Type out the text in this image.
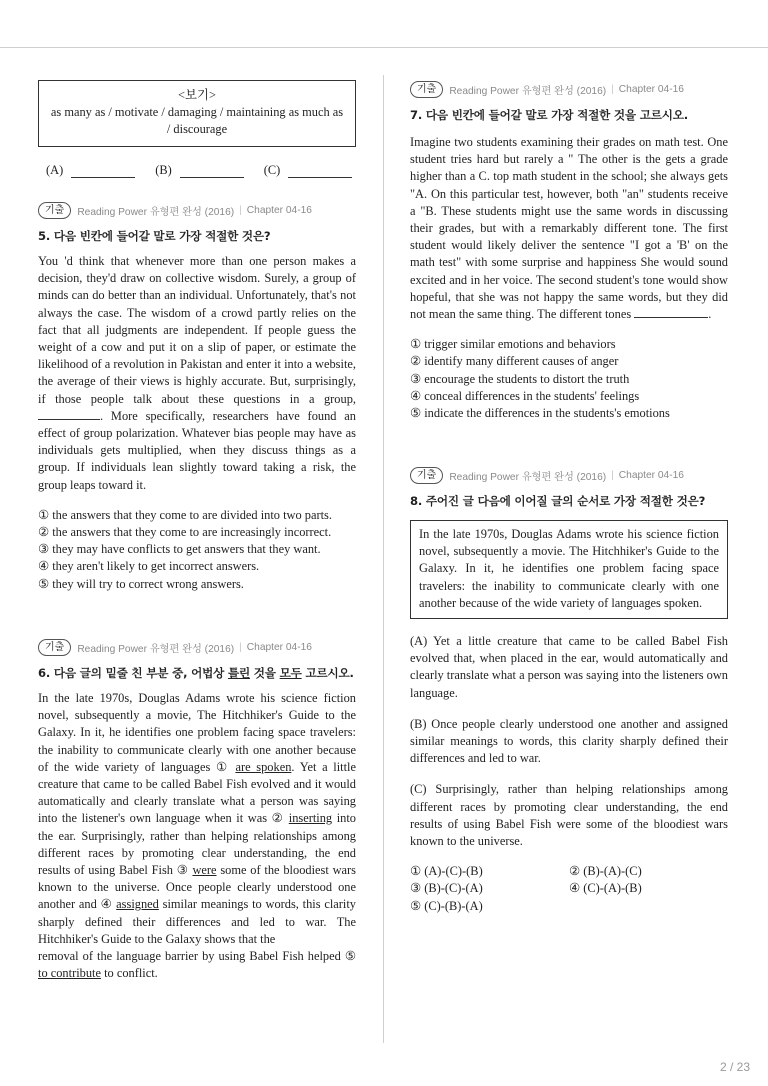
<보기>
as many as / motivate / damaging / maintaining as much as / discourage
(A)	(B)	(C)
기출	Reading Power 유형편 완성 (2016) | Chapter 04-16
5. 다음 빈칸에 들어갈 말로 가장 적절한 것은?

You 'd think that whenever more than one person makes a decision, they'd draw on collective wisdom. Surely, a group of minds can do better than an individual. Unfortunately, that's not always the case. The wisdom of a crowd partly relies on the fact that all judgments are independent. If people guess the weight of a cow and put it on a slip of paper, or estimate the likelihood of a revolution in Pakistan and enter it into a website, the average of their views is highly accurate. But, surprisingly, if those people talk about these questions in a group, . More specifically, researchers have found an effect of group polarization. Whatever bias people may have as individuals gets multiplied, when they discuss things as a group. If individuals lean slightly toward taking a risk, the group leaps toward it.

① the answers that they come to are divided into two parts.
② the answers that they come to are increasingly incorrect.
③ they may have conflicts to get answers that they want.
④ they aren't likely to get incorrect answers.
⑤ they will try to correct wrong answers.
기출	Reading Power 유형편 완성 (2016) | Chapter 04-16
6. 다음 글의 밑줄 친 부분 중, 어법상 틀린 것을 모두 고르시오.

In the late 1970s, Douglas Adams wrote his science fiction novel, subsequently a movie, The Hitchhiker's Guide to the Galaxy. In it, he identifies one problem facing space travelers: the inability to communicate clearly with one another because of the wide variety of languages ① are spoken. Yet a little creature that came to be called Babel Fish evolved and it would automatically and clearly translate what a person was saying into the listener's own language when it was ② inserting into the ear. Surprisingly, rather than helping relationships among different races by promoting clear understanding, the end results of using Babel Fish ③ were some of the bloodiest wars known to the universe. Once people clearly understood one another and ④ assigned similar meanings to words, this clarity sharply defined their differences and led to war. The Hitchhiker's Guide to the Galaxy shows that the
removal of the language barrier by using Babel Fish helped ⑤ to contribute to conflict.

기출	Reading Power 유형편 완성 (2016) | Chapter 04-16
7. 다음 빈칸에 들어갈 말로 가장 적절한 것을 고르시오.

Imagine two students examining their grades on math test. One student tries hard but rarely a " The other is the gets a grade higher than a C. top math student in the school; she always gets "A. On this particular test, however, both "an" students receive a "B. These students might use the same words in discussing their grades, but with a remarkably different tone. The first student would likely deliver the sentence "I got a 'B' on the math test" with some surprise and happiness She would sound excited and in her voice. The second student's tone would show hopeful, that she was not happy the same words, but they did not mean the same thing. The different tones	.

① trigger similar emotions and behaviors
② identify many different causes of anger
③ encourage the students to distort the truth
④ conceal differences in the students' feelings
⑤ indicate the differences in the students's emotions
기출	Reading Power 유형편 완성 (2016) | Chapter 04-16
8. 주어진 글 다음에 이어질 글의 순서로 가장 적절한 것은?
In the late 1970s, Douglas Adams wrote his science fiction novel, subsequently a movie. The Hitchhiker's Guide to the Galaxy. In it, he identifies one problem facing space travelers: the inability to communicate clearly with one another because of the wide variety of languages spoken.

(A) Yet a little creature that came to be called Babel Fish evolved that, when placed in the ear, would automatically and clearly translate what a person was saying into the listeners own language.

(B) Once people clearly understood one another and assigned similar meanings to words, this clarity sharply defined their differences and led to war.

(C) Surprisingly, rather than helping relationships among different races by promoting clear understanding, the end results of using Babel Fish were some of the bloodiest wars known to the universe.

① (A)-(C)-(B)	② (B)-(A)-(C)
③ (B)-(C)-(A)	④ (C)-(A)-(B)
⑤ (C)-(B)-(A)
2 / 23
